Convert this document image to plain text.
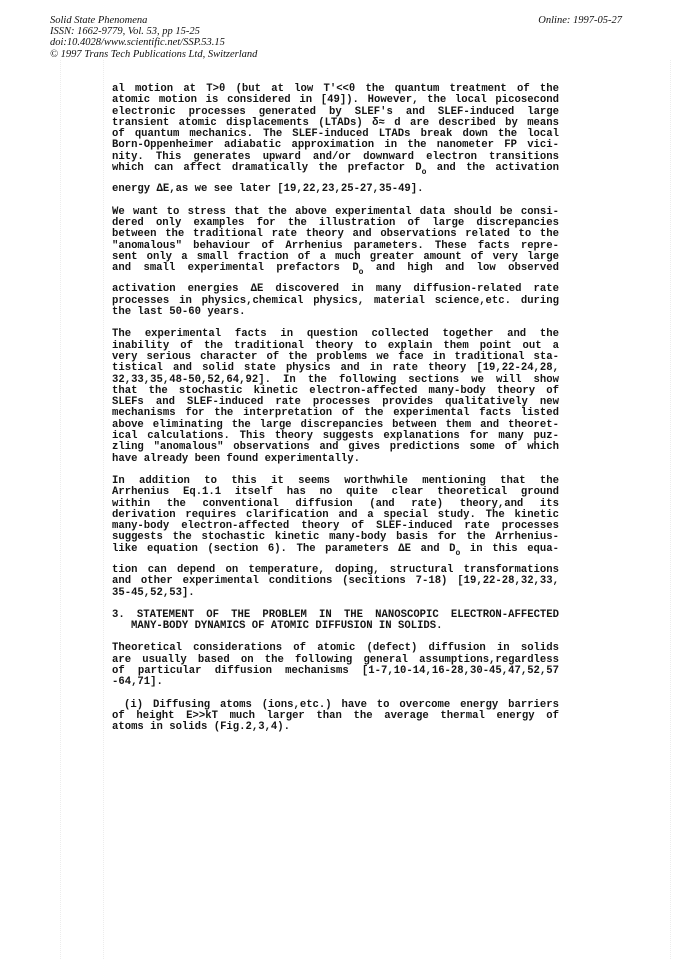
Solid State Phenomena
ISSN: 1662-9779, Vol. 53, pp 15-25
doi:10.4028/www.scientific.net/SSP.53.15
© 1997 Trans Tech Publications Ltd, Switzerland
Online: 1997-05-27
al motion at T>θ (but at low T'<<θ the quantum treatment of the
atomic motion is considered in [49]). However, the local picosecond
electronic processes generated by SLEF's and SLEF-induced large
transient atomic displacements (LTADs) δ≈ d are described by means
of quantum mechanics. The SLEF-induced LTADs break down the local
Born-Oppenheimer adiabatic approximation in the nanometer FP vici-
nity. This generates upward and/or downward electron transitions
which can affect dramatically the prefactor $D_o$ and the activation
energy ΔE,as we see later [19,22,23,25-27,35-49].
We want to stress that the above experimental data should be consi-
dered only examples for the illustration of large discrepancies
between the traditional rate theory and observations related to the
"anomalous" behaviour of Arrhenius parameters. These facts repre-
sent only a small fraction of a much greater amount of very large
and small experimental prefactors $D_o$ and high and low observed
activation energies ΔE discovered in many diffusion-related rate
processes in physics,chemical physics, material science,etc. during
the last 50-60 years.
The experimental facts in question collected together and the
inability of the traditional theory to explain them point out a
very serious character of the problems we face in traditional sta-
tistical and solid state physics and in rate theory [19,22-24,28,
32,33,35,48-50,52,64,92]. In the following sections we will show
that the stochastic kinetic electron-affected many-body theory of
SLEFs and SLEF-induced rate processes provides qualitatively new
mechanisms for the interpretation of the experimental facts listed
above eliminating the large discrepancies between them and theoret-
ical calculations. This theory suggests explanations for many puz-
zling "anomalous" observations and gives predictions some of which
have already been found experimentally.
In addition to this it seems worthwhile mentioning that the
Arrhenius Eq.1.1 itself has no quite clear theoretical ground
within the conventional diffusion (and rate) theory,and its
derivation requires clarification and a special study. The kinetic
many-body electron-affected theory of SLEF-induced rate processes
suggests the stochastic kinetic many-body basis for the Arrhenius-
like equation (section 6). The parameters ΔE and $D_o$ in this equa-
tion can depend on temperature, doping, structural transformations
and other experimental conditions (secitions 7-18) [19,22-28,32,33,
35-45,52,53].
3. STATEMENT OF THE PROBLEM IN THE NANOSCOPIC ELECTRON-AFFECTED
MANY-BODY DYNAMICS OF ATOMIC DIFFUSION IN SOLIDS.
Theoretical considerations of atomic (defect) diffusion in solids
are usually based on the following general assumptions,regardless
of particular diffusion mechanisms [1-7,10-14,16-28,30-45,47,52,57
-64,71].
(i) Diffusing atoms (ions,etc.) have to overcome energy barriers
of height E>>kT much larger than the average thermal energy of
atoms in solids (Fig.2,3,4).
